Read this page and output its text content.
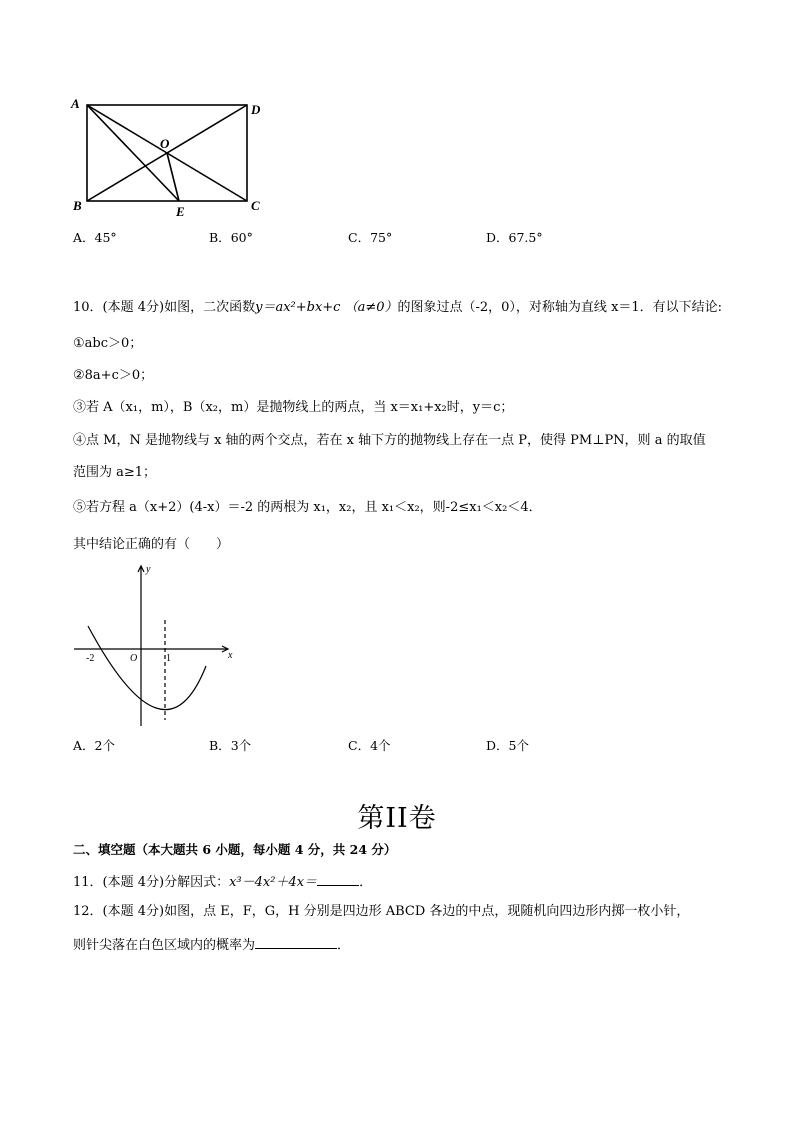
A	D
O
B	E	C
A．45°	B．60°	C．75°	D．67.5°
10．(本题 4分)如图，二次函数y＝ax²+bx+c （a≠0）的图象过点（-2，0），对称轴为直线 x＝1．有以下结论:
①abc＞0；
②8a+c＞0；
③若 A（x₁，m），B（x₂，m）是抛物线上的两点，当 x＝x₁+x₂时，y＝c；
④点 M，N 是抛物线与 x 轴的两个交点，若在 x 轴下方的抛物线上存在一点 P，使得 PM⊥PN，则 a 的取值
范围为 a≥1；
⑤若方程 a（x+2）(4-x）＝-2 的两根为 x₁，x₂，且 x₁＜x₂，则-2≤x₁＜x₂＜4．
其中结论正确的有（　　）
y
x
O
-2	1
A．2个	B．3个	C．4个	D．5个
第II卷
二、填空题（本大题共 6 小题，每小题 4 分，共 24 分）
11．(本题 4分)分解因式：x³－4x²＋4x＝	．
12．(本题 4分)如图，点 E，F，G，H 分别是四边形 ABCD 各边的中点，现随机向四边形内掷一枚小针，
则针尖落在白色区域内的概率为	．
